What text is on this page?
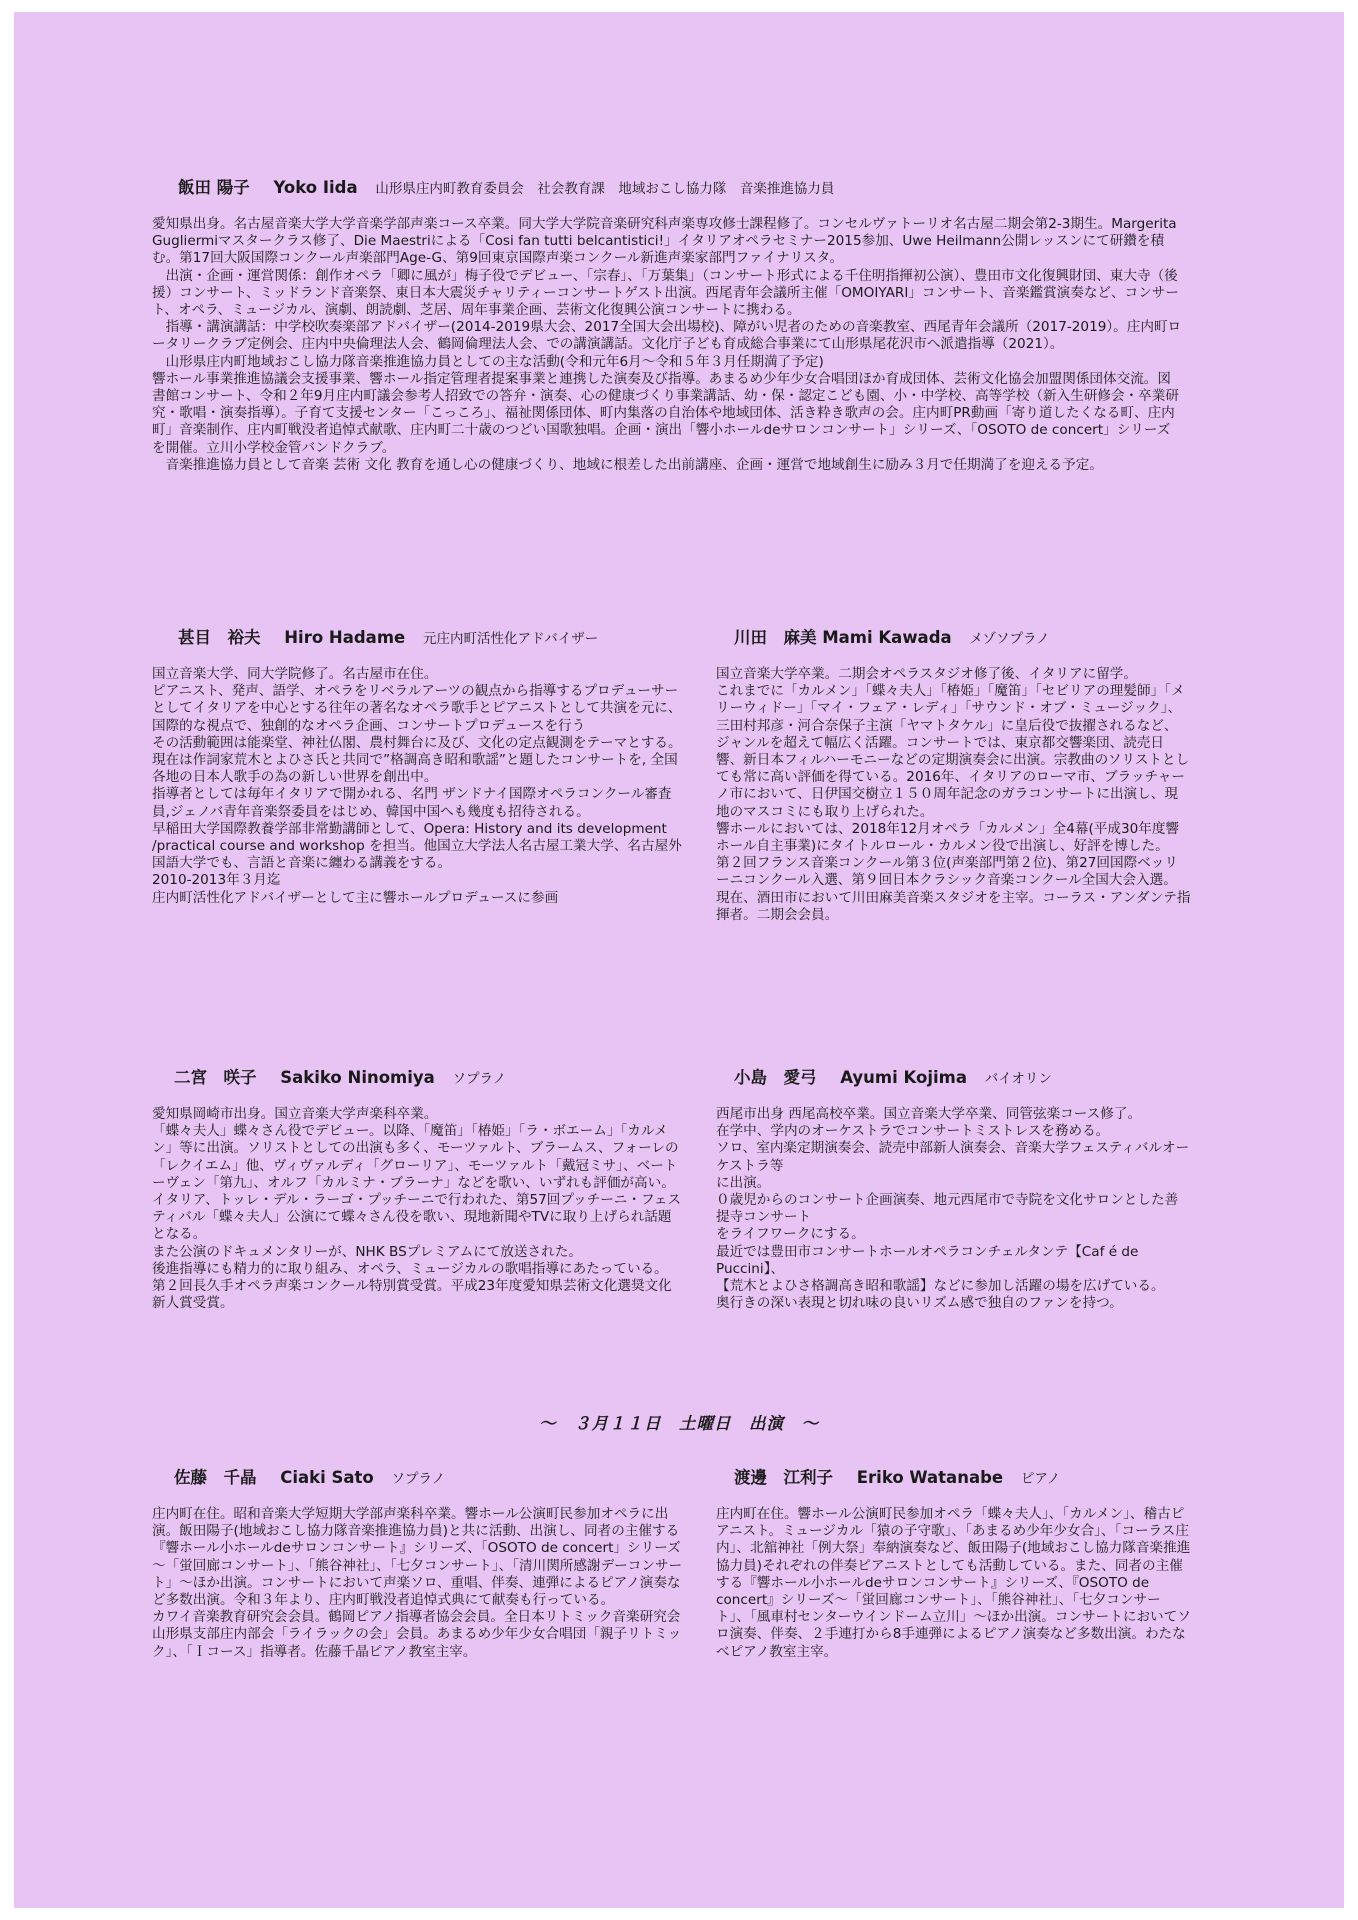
飯田 陽子 Yoko Iida 山形県庄内町教育委員会　社会教育課　地域おこし協力隊　音楽推進協力員

愛知県出身。名古屋音楽大学大学音楽学部声楽コース卒業。同大学大学院音楽研究科声楽専攻修士課程修了。コンセルヴァトーリオ名古屋二期会第2-3期生。Margerita Gugliermiマスタークラス修了、Die Maestriによる「Cosi fan tutti belcantistici!」イタリアオペラセミナー2015参加、Uwe Heilmann公開レッスンにて研鑽を積む。第17回大阪国際コンクール声楽部門Age-G、第9回東京国際声楽コンクール新進声楽家部門ファイナリスタ。

出演・企画・運営関係：創作オペラ「卿に風が」梅子役でデビュー、「宗春」、「万葉集」（コンサート形式による千住明指揮初公演）、豊田市文化復興財団、東大寺（後援）コンサート、ミッドランド音楽祭、東日本大震災チャリティーコンサートゲスト出演。西尾青年会議所主催「OMOIYARI」コンサート、音楽鑑賞演奏など、コンサート、オペラ、ミュージカル、演劇、朗読劇、芝居、周年事業企画、芸術文化復興公演コンサートに携わる。

指導・講演講話：中学校吹奏楽部アドバイザー(2014-2019県大会、2017全国大会出場校)、障がい児者のための音楽教室、西尾青年会議所（2017-2019）。庄内町ロータリークラブ定例会、庄内中央倫理法人会、鶴岡倫理法人会、での講演講話。文化庁子ども育成総合事業にて山形県尾花沢市へ派遣指導（2021）。

山形県庄内町地域おこし協力隊音楽推進協力員としての主な活動(令和元年6月～令和５年３月任期満了予定)

響ホール事業推進協議会支援事業、響ホール指定管理者提案事業と連携した演奏及び指導。あまるめ少年少女合唱団ほか育成団体、芸術文化協会加盟関係団体交流。図書館コンサート、令和２年9月庄内町議会参考人招致での答弁・演奏、心の健康づくり事業講話、幼・保・認定こども園、小・中学校、高等学校（新入生研修会・卒業研究・歌唱・演奏指導）。子育て支援センター「こっころ」、福祉関係団体、町内集落の自治体や地域団体、活き粋き歌声の会。庄内町PR動画「寄り道したくなる町、庄内町」音楽制作、庄内町戦没者追悼式献歌、庄内町二十歳のつどい国歌独唱。企画・演出「響小ホールdeサロンコンサート」シリーズ、「OSOTO de concert」シリーズを開催。立川小学校金管バンドクラブ。

音楽推進協力員として音楽 芸術 文化 教育を通し心の健康づくり、地域に根差した出前講座、企画・運営で地域創生に励み３月で任期満了を迎える予定。

甚目　裕夫 Hiro Hadame 元庄内町活性化アドバイザー

国立音楽大学、同大学院修了。名古屋市在住。

ピアニスト、発声、語学、オペラをリベラルアーツの観点から指導するプロデューサーとしてイタリアを中心とする往年の著名なオペラ歌手とピアニストとして共演を元に、国際的な視点で、独創的なオペラ企画、コンサートプロデュースを行う

その活動範囲は能楽堂、神社仏閣、農村舞台に及び、文化の定点観測をテーマとする。

現在は作詞家荒木とよひさ氏と共同で”格調高き昭和歌謡”と題したコンサートを, 全国各地の日本人歌手の為の新しい世界を創出中。

指導者としては毎年イタリアで開かれる、名門 ザンドナイ国際オペラコンクール審査員,ジェノバ青年音楽祭委員をはじめ、韓国中国へも幾度も招待される。

早稲田大学国際教養学部非常勤講師として、Opera: History and its development /practical course and workshop を担当。他国立大学法人名古屋工業大学、名古屋外国語大学でも、言語と音楽に纏わる講義をする。

2010-2013年３月迄

庄内町活性化アドバイザーとして主に響ホールプロデュースに参画

川田　麻美 Mami Kawada メゾソプラノ

国立音楽大学卒業。二期会オペラスタジオ修了後、イタリアに留学。

これまでに「カルメン」「蝶々夫人」「椿姫」「魔笛」「セビリアの理髪師」「メリーウィドー」「マイ・フェア・レディ」「サウンド・オブ・ミュージック」、三田村邦彦・河合奈保子主演「ヤマトタケル」に皇后役で抜擢されるなど、ジャンルを超えて幅広く活躍。コンサートでは、東京都交響楽団、読売日響、新日本フィルハーモニーなどの定期演奏会に出演。宗教曲のソリストとしても常に高い評価を得ている。2016年、イタリアのローマ市、ブラッチャーノ市において、日伊国交樹立１５０周年記念のガラコンサートに出演し、現地のマスコミにも取り上げられた。

響ホールにおいては、2018年12月オペラ「カルメン」全4幕(平成30年度響ホール自主事業)にタイトルロール・カルメン役で出演し、好評を博した。

第２回フランス音楽コンクール第３位(声楽部門第２位)、第27回国際ベッリーニコンクール入選、第９回日本クラシック音楽コンクール全国大会入選。

現在、酒田市において川田麻美音楽スタジオを主宰。コーラス・アンダンテ指揮者。二期会会員。

二宮　咲子 Sakiko Ninomiya ソプラノ

愛知県岡崎市出身。国立音楽大学声楽科卒業。

「蝶々夫人」蝶々さん役でデビュー。以降、「魔笛」「椿姫」「ラ・ボエーム」「カルメン」等に出演。ソリストとしての出演も多く、モーツァルト、ブラームス、フォーレの「レクイエム」他、ヴィヴァルディ「グローリア」、モーツァルト「戴冠ミサ」、ベートーヴェン「第九」、オルフ「カルミナ・ブラーナ」などを歌い、いずれも評価が高い。

イタリア、トッレ・デル・ラーゴ・プッチーニで行われた、第57回プッチーニ・フェスティバル「蝶々夫人」公演にて蝶々さん役を歌い、現地新聞やTVに取り上げられ話題となる。

また公演のドキュメンタリーが、NHK BSプレミアムにて放送された。

後進指導にも精力的に取り組み、オペラ、ミュージカルの歌唱指導にあたっている。

第２回長久手オペラ声楽コンクール特別賞受賞。平成23年度愛知県芸術文化選奨文化新人賞受賞。

小島　愛弓 Ayumi Kojima バイオリン

西尾市出身 西尾高校卒業。国立音楽大学卒業、同管弦楽コース修了。

在学中、学内のオーケストラでコンサートミストレスを務める。

ソロ、室内楽定期演奏会、読売中部新人演奏会、音楽大学フェスティバルオーケストラ等

に出演。

０歳児からのコンサート企画演奏、地元西尾市で寺院を文化サロンとした善提寺コンサート

をライフワークにする。

最近では豊田市コンサートホールオペラコンチェルタンテ【Caf é de Puccini】、

【荒木とよひさ格調高き昭和歌謡】などに参加し活躍の場を広げている。

奥行きの深い表現と切れ味の良いリズム感で独自のファンを持つ。

～　３月１１日　土曜日　出演　～
佐藤　千晶 Ciaki Sato ソプラノ

庄内町在住。昭和音楽大学短期大学部声楽科卒業。響ホール公演町民参加オペラに出演。飯田陽子(地域おこし協力隊音楽推進協力員)と共に活動、出演し、同者の主催する『響ホール小ホールdeサロンコンサート』シリーズ、「OSOTO de concert」シリーズ～「蛍回廊コンサート」、「熊谷神社」、「七夕コンサート」、「清川関所感謝デーコンサート」～ほか出演。コンサートにおいて声楽ソロ、重唱、伴奏、連弾によるピアノ演奏など多数出演。令和３年より、庄内町戦没者追悼式典にて献奏も行っている。

カワイ音楽教育研究会会員。鶴岡ピアノ指導者協会会員。全日本リトミック音楽研究会山形県支部庄内部会「ライラックの会」会員。あまるめ少年少女合唱団「親子リトミック」、「Ｉコース」指導者。佐藤千晶ピアノ教室主宰。

渡邊　江利子 Eriko Watanabe ピアノ

庄内町在住。響ホール公演町民参加オペラ「蝶々夫人」、「カルメン」、稽古ピアニスト。ミュージカル「猿の子守歌」、「あまるめ少年少女合」、「コーラス庄内」、北舘神社「例大祭」奉納演奏など、飯田陽子(地域おこし協力隊音楽推進協力員)それぞれの伴奏ピアニストとしても活動している。また、同者の主催する『響ホール小ホールdeサロンコンサート』シリーズ、『OSOTO de concert』シリーズ～「蛍回廊コンサート」、「熊谷神社」、「七夕コンサート」、「風車村センターウインドーム立川」～ほか出演。コンサートにおいてソロ演奏、伴奏、２手連打から8手連弾によるピアノ演奏など多数出演。わたなべピアノ教室主宰。
